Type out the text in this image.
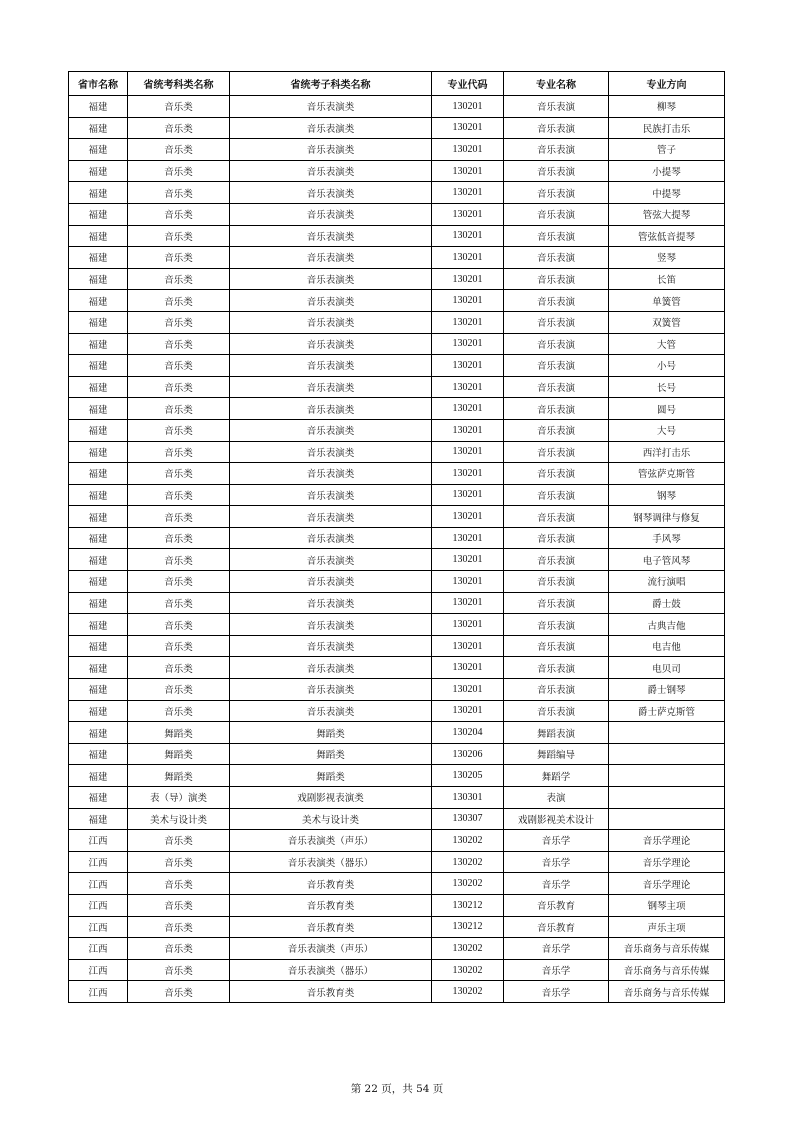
省市名称	省统考科类名称	省统考子科类名称	专业代码	专业名称	专业方向
福建	音乐类	音乐表演类	130201	音乐表演	柳琴
福建	音乐类	音乐表演类	130201	音乐表演	民族打击乐
福建	音乐类	音乐表演类	130201	音乐表演	管子
福建	音乐类	音乐表演类	130201	音乐表演	小提琴
福建	音乐类	音乐表演类	130201	音乐表演	中提琴
福建	音乐类	音乐表演类	130201	音乐表演	管弦大提琴
福建	音乐类	音乐表演类	130201	音乐表演	管弦低音提琴
福建	音乐类	音乐表演类	130201	音乐表演	竖琴
福建	音乐类	音乐表演类	130201	音乐表演	长笛
福建	音乐类	音乐表演类	130201	音乐表演	单簧管
福建	音乐类	音乐表演类	130201	音乐表演	双簧管
福建	音乐类	音乐表演类	130201	音乐表演	大管
福建	音乐类	音乐表演类	130201	音乐表演	小号
福建	音乐类	音乐表演类	130201	音乐表演	长号
福建	音乐类	音乐表演类	130201	音乐表演	圆号
福建	音乐类	音乐表演类	130201	音乐表演	大号
福建	音乐类	音乐表演类	130201	音乐表演	西洋打击乐
福建	音乐类	音乐表演类	130201	音乐表演	管弦萨克斯管
福建	音乐类	音乐表演类	130201	音乐表演	钢琴
福建	音乐类	音乐表演类	130201	音乐表演	钢琴调律与修复
福建	音乐类	音乐表演类	130201	音乐表演	手风琴
福建	音乐类	音乐表演类	130201	音乐表演	电子管风琴
福建	音乐类	音乐表演类	130201	音乐表演	流行演唱
福建	音乐类	音乐表演类	130201	音乐表演	爵士鼓
福建	音乐类	音乐表演类	130201	音乐表演	古典吉他
福建	音乐类	音乐表演类	130201	音乐表演	电吉他
福建	音乐类	音乐表演类	130201	音乐表演	电贝司
福建	音乐类	音乐表演类	130201	音乐表演	爵士钢琴
福建	音乐类	音乐表演类	130201	音乐表演	爵士萨克斯管
福建	舞蹈类	舞蹈类	130204	舞蹈表演	
福建	舞蹈类	舞蹈类	130206	舞蹈编导	
福建	舞蹈类	舞蹈类	130205	舞蹈学	
福建	表（导）演类	戏剧影视表演类	130301	表演	
福建	美术与设计类	美术与设计类	130307	戏剧影视美术设计	
江西	音乐类	音乐表演类（声乐）	130202	音乐学	音乐学理论
江西	音乐类	音乐表演类（器乐）	130202	音乐学	音乐学理论
江西	音乐类	音乐教育类	130202	音乐学	音乐学理论
江西	音乐类	音乐教育类	130212	音乐教育	钢琴主项
江西	音乐类	音乐教育类	130212	音乐教育	声乐主项
江西	音乐类	音乐表演类（声乐）	130202	音乐学	音乐商务与音乐传媒
江西	音乐类	音乐表演类（器乐）	130202	音乐学	音乐商务与音乐传媒
江西	音乐类	音乐教育类	130202	音乐学	音乐商务与音乐传媒
第 22 页，共 54 页
